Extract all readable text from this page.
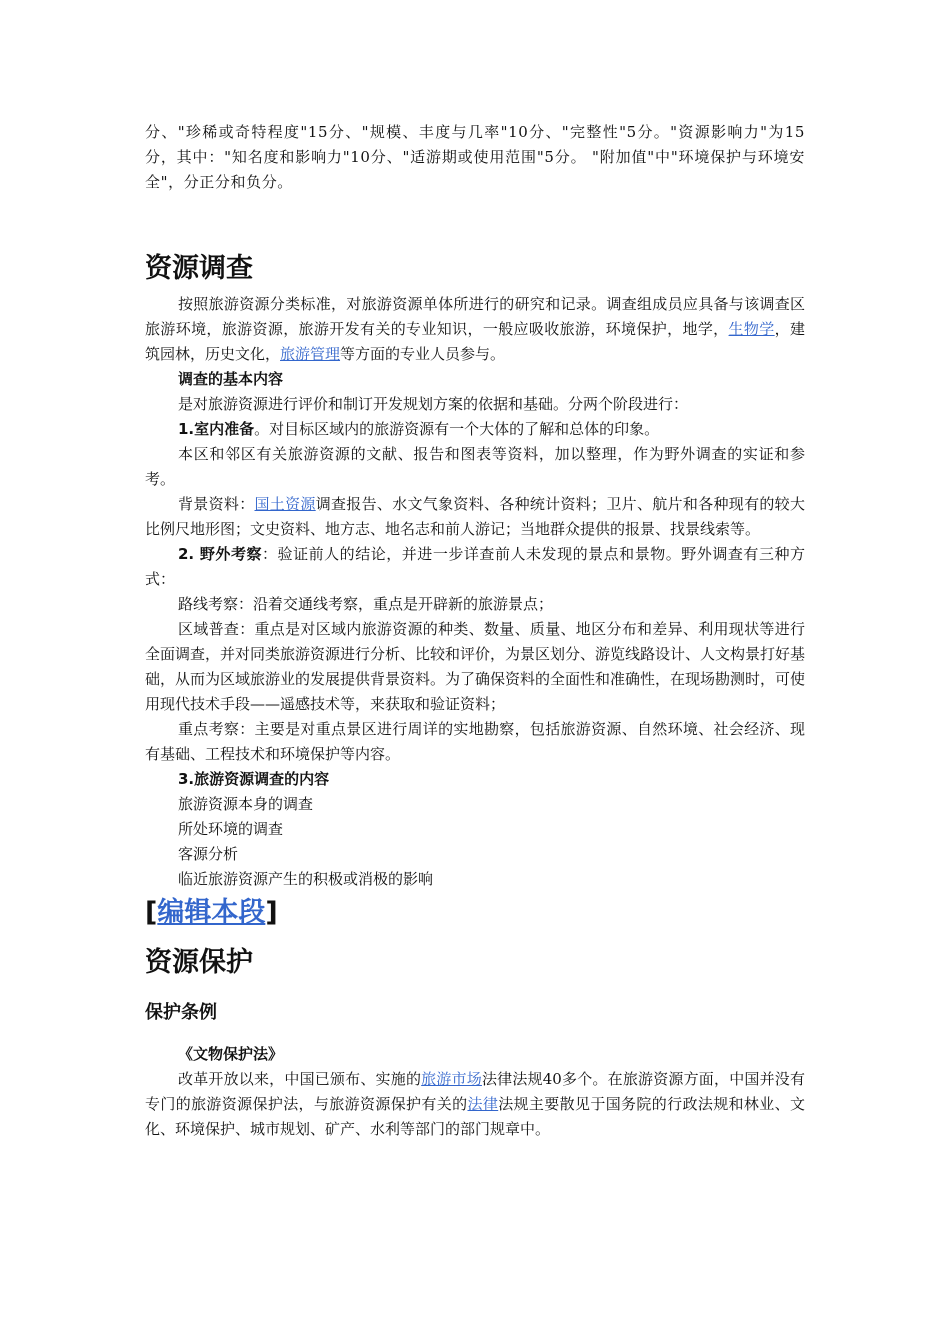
分、"珍稀或奇特程度"15分、"规模、丰度与几率"10分、"完整性"5分。"资源影响力"为15分，其中："知名度和影响力"10分、"适游期或使用范围"5分。 "附加值"中"环境保护与环境安全"，分正分和负分。

资源调查

按照旅游资源分类标准，对旅游资源单体所进行的研究和记录。调查组成员应具备与该调查区旅游环境，旅游资源，旅游开发有关的专业知识，一般应吸收旅游，环境保护，地学，生物学，建筑园林，历史文化，旅游管理等方面的专业人员参与。

调查的基本内容

是对旅游资源进行评价和制订开发规划方案的依据和基础。分两个阶段进行：

1.室内准备。对目标区域内的旅游资源有一个大体的了解和总体的印象。

本区和邻区有关旅游资源的文献、报告和图表等资料，加以整理，作为野外调查的实证和参考。

背景资料：国土资源调查报告、水文气象资料、各种统计资料；卫片、航片和各种现有的较大比例尺地形图；文史资料、地方志、地名志和前人游记；当地群众提供的报景、找景线索等。

2. 野外考察：验证前人的结论，并进一步详查前人未发现的景点和景物。野外调查有三种方式：

路线考察：沿着交通线考察，重点是开辟新的旅游景点；

区域普查：重点是对区域内旅游资源的种类、数量、质量、地区分布和差异、利用现状等进行全面调查，并对同类旅游资源进行分析、比较和评价，为景区划分、游览线路设计、人文构景打好基础，从而为区域旅游业的发展提供背景资料。为了确保资料的全面性和准确性，在现场勘测时，可使用现代技术手段——遥感技术等，来获取和验证资料；

重点考察：主要是对重点景区进行周详的实地勘察，包括旅游资源、自然环境、社会经济、现有基础、工程技术和环境保护等内容。

3.旅游资源调查的内容

旅游资源本身的调查

所处环境的调查

客源分析

临近旅游资源产生的积极或消极的影响

[编辑本段]
资源保护
保护条例

《文物保护法》

改革开放以来，中国已颁布、实施的旅游市场法律法规40多个。在旅游资源方面，中国并没有专门的旅游资源保护法，与旅游资源保护有关的法律法规主要散见于国务院的行政法规和林业、文化、环境保护、城市规划、矿产、水利等部门的部门规章中。
